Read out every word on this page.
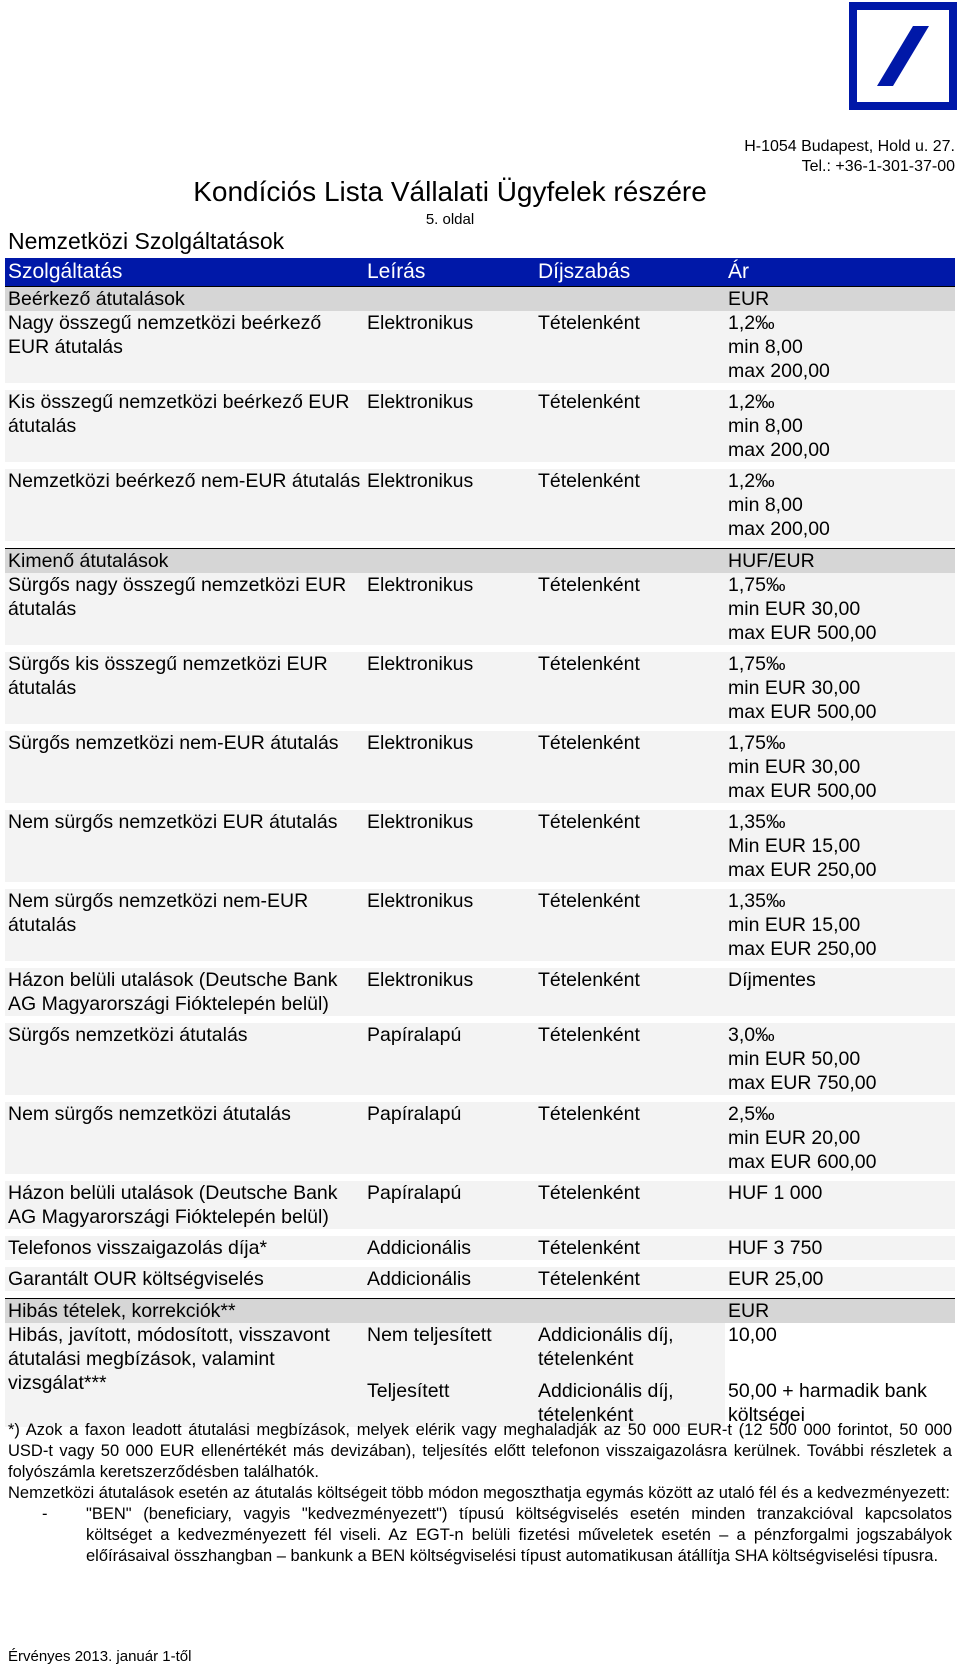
H-1054 Budapest, Hold u. 27.
Tel.: +36-1-301-37-00
Kondíciós Lista Vállalati Ügyfelek részére
5. oldal
Nemzetközi Szolgáltatások
Szolgáltatás	Leírás	Díjszabás	Ár
Beérkező átutalások			EUR
Nagy összegű nemzetközi beérkező EUR átutalás	Elektronikus	Tételenként	1,2‰
min 8,00
max 200,00

Kis összegű nemzetközi beérkező EUR átutalás	Elektronikus	Tételenként	1,2‰
min 8,00
max 200,00

Nemzetközi beérkező nem-EUR átutalás	Elektronikus	Tételenként	1,2‰
min 8,00
max 200,00

Kimenő átutalások			HUF/EUR
Sürgős nagy összegű nemzetközi EUR átutalás	Elektronikus	Tételenként	1,75‰
min EUR 30,00
max EUR 500,00

Sürgős kis összegű nemzetközi EUR átutalás	Elektronikus	Tételenként	1,75‰
min EUR 30,00
max EUR 500,00

Sürgős nemzetközi nem-EUR átutalás	Elektronikus	Tételenként	1,75‰
min EUR 30,00
max EUR 500,00

Nem sürgős nemzetközi EUR átutalás	Elektronikus	Tételenként	1,35‰
Min EUR 15,00
max EUR 250,00

Nem sürgős nemzetközi nem-EUR átutalás	Elektronikus	Tételenként	1,35‰
min EUR 15,00
max EUR 250,00

Házon belüli utalások (Deutsche Bank AG Magyarországi Fióktelepén belül)	Elektronikus	Tételenként	Díjmentes

Sürgős nemzetközi átutalás	Papíralapú	Tételenként	3,0‰
min EUR 50,00
max EUR 750,00

Nem sürgős nemzetközi átutalás	Papíralapú	Tételenként	2,5‰
min EUR 20,00
max EUR 600,00

Házon belüli utalások (Deutsche Bank AG Magyarországi Fióktelepén belül)	Papíralapú	Tételenként	HUF 1 000

Telefonos visszaigazolás díja*	Addicionális	Tételenként	HUF 3 750

Garantált OUR költségviselés	Addicionális	Tételenként	EUR 25,00

Hibás tételek, korrekciók**			EUR
Hibás, javított, módosított, visszavont átutalási megbízások, valamint vizsgálat***	Nem teljesített	Addicionális díj, tételenként	10,00
	Teljesített	Addicionális díj, tételenként	50,00 + harmadik bank költségei

*) Azok a faxon leadott átutalási megbízások, melyek elérik vagy meghaladják az 50 000 EUR-t (12 500 000 forintot, 50 000 USD-t vagy 50 000 EUR ellenértékét más devizában), teljesítés előtt telefonon visszaigazolásra kerülnek. További részletek a folyószámla keretszerződésben találhatók.

Nemzetközi átutalások esetén az átutalás költségeit több módon megoszthatja egymás között az utaló fél és a kedvezményezett:

-	"BEN" (beneficiary, vagyis "kedvezményezett") típusú költségviselés esetén minden tranzakcióval kapcsolatos költséget a kedvezményezett fél viseli. Az EGT-n belüli fizetési műveletek esetén – a pénzforgalmi jogszabályok előírásaival összhangban – bankunk a BEN költségviselési típust automatikusan átállítja SHA költségviselési típusra.
Érvényes 2013. január 1-től
